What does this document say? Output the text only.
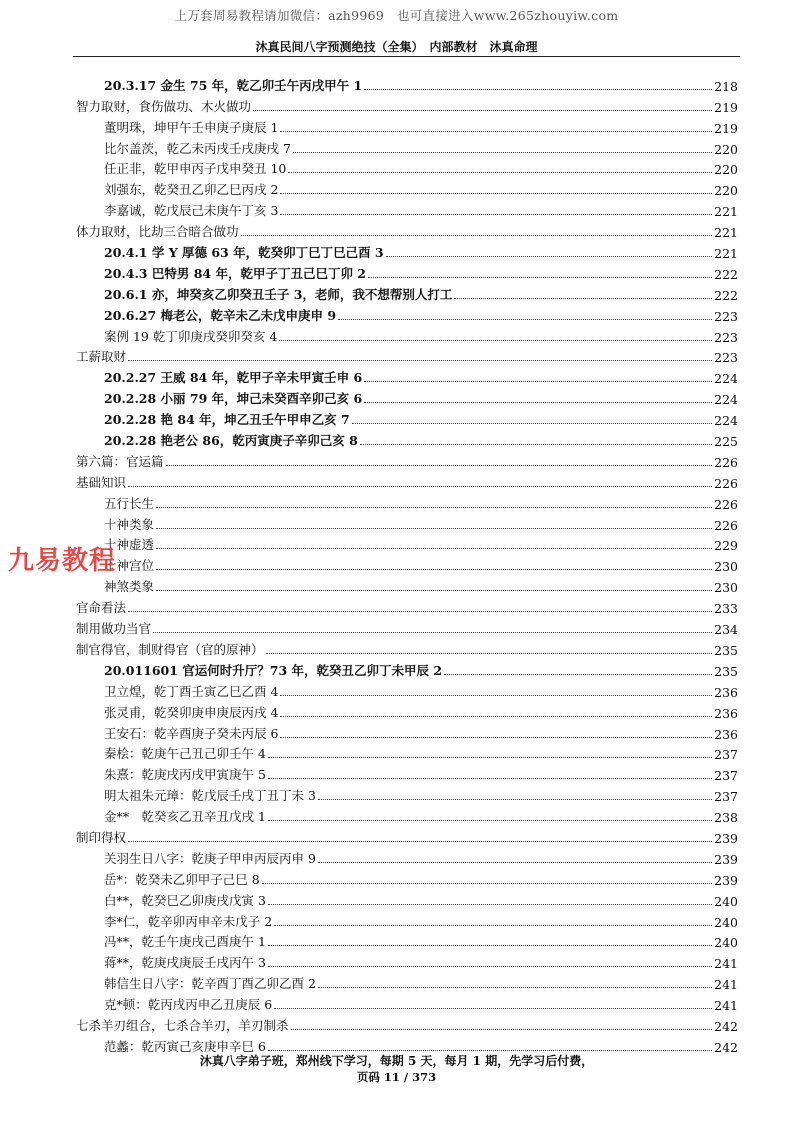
上万套周易教程请加微信：azh9969　也可直接进入www.265zhouyiw.com
沐真民间八字预测绝技（全集）　内部教材　沐真命理
20.3.17 金生 75 年，乾乙卯壬午丙戌甲午 1	218
智力取财，食伤做功、木火做功	219
董明珠，坤甲午壬申庚子庚辰 1	219
比尔盖茨，乾乙未丙戌壬戌庚戌 7	220
任正非，乾甲申丙子戊申癸丑 10	220
刘强东，乾癸丑乙卯乙巳丙戌 2	220
李嘉诚，乾戊辰己未庚午丁亥 3	221
体力取财，比劫三合暗合做功	221
20.4.1 学 Y 厚德 63 年，乾癸卯丁巳丁巳己酉 3	221
20.4.3 巴特男 84 年，乾甲子丁丑己巳丁卯 2	222
20.6.1 亦，坤癸亥乙卯癸丑壬子 3，老师，我不想帮别人打工	222
20.6.27 梅老公，乾辛未乙未戊申庚申 9	223
案例 19 乾丁卯庚戌癸卯癸亥 4	223
工薪取财	223
20.2.27 王威 84 年，乾甲子辛未甲寅壬申 6	224
20.2.28 小丽 79 年，坤己未癸酉辛卯己亥 6	224
20.2.28 艳 84 年，坤乙丑壬午甲申乙亥 7	224
20.2.28 艳老公 86，乾丙寅庚子辛卯己亥 8	225
第六篇：官运篇	226
基础知识	226
五行长生	226
十神类象	226
十神虚透	229
十神宫位	230
神煞类象	230
官命看法	233
制用做功当官	234
制官得官，制财得官（官的原神）	235
20.011601 官运何时升厅？73 年，乾癸丑乙卯丁未甲辰 2	235
卫立煌，乾丁酉壬寅乙巳乙酉 4	236
张灵甫，乾癸卯庚申庚辰丙戌 4	236
王安石：乾辛酉庚子癸未丙辰 6	236
秦桧：乾庚午己丑己卯壬午 4	237
朱熹：乾庚戌丙戌甲寅庚午 5	237
明太祖朱元璋：乾戊辰壬戌丁丑丁未 3	237
金**　乾癸亥乙丑辛丑戊戌 1	238
制印得权	239
关羽生日八字：乾庚子甲申丙辰丙申 9	239
岳*：乾癸未乙卯甲子己巳 8	239
白**，乾癸巳乙卯庚戌戊寅 3	240
李*仁，乾辛卯丙申辛未戊子 2	240
冯**，乾壬午庚戌己酉庚午 1	240
蒋**，乾庚戌庚辰壬戌丙午 3	241
韩信生日八字：乾辛酉丁酉乙卯乙酉 2	241
克*顿：乾丙戌丙申乙丑庚辰 6	241
七杀羊刃组合，七杀合羊刃，羊刃制杀	242
范蠡：乾丙寅己亥庚申辛巳 6	242
九易教程
沐真八字弟子班，郑州线下学习，每期 5 天，每月 1 期，先学习后付费，
页码 11 / 373
